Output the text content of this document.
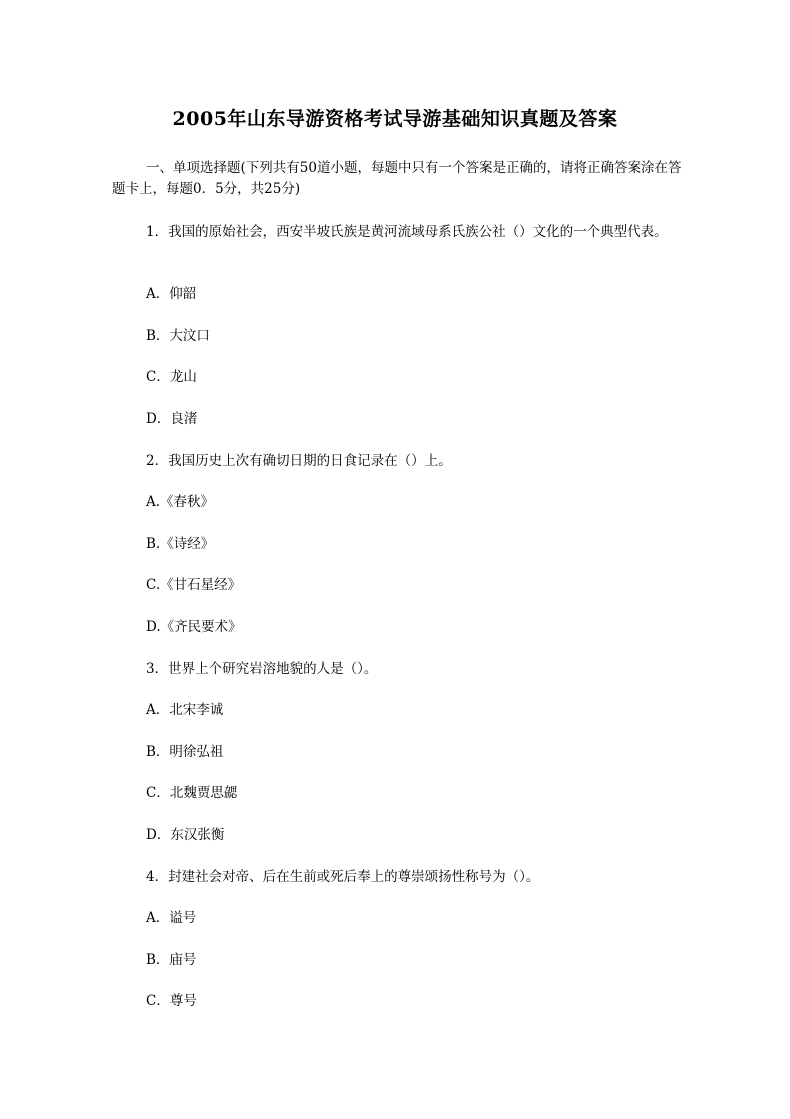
2005年山东导游资格考试导游基础知识真题及答案
一、单项选择题(下列共有50道小题，每题中只有一个答案是正确的，请将正确答案涂在答题卡上，每题0．5分，共25分)
1．我国的原始社会，西安半坡氏族是黄河流域母系氏族公社（）文化的一个典型代表。
A．仰韶
B．大汶口
C．龙山
D．良渚
2．我国历史上次有确切日期的日食记录在（）上。
A.《春秋》
B.《诗经》
C.《甘石星经》
D.《齐民要术》
3．世界上个研究岩溶地貌的人是（）。
A．北宋李诚
B．明徐弘祖
C．北魏贾思勰
D．东汉张衡
4．封建社会对帝、后在生前或死后奉上的尊崇颂扬性称号为（）。
A．谥号
B．庙号
C．尊号
